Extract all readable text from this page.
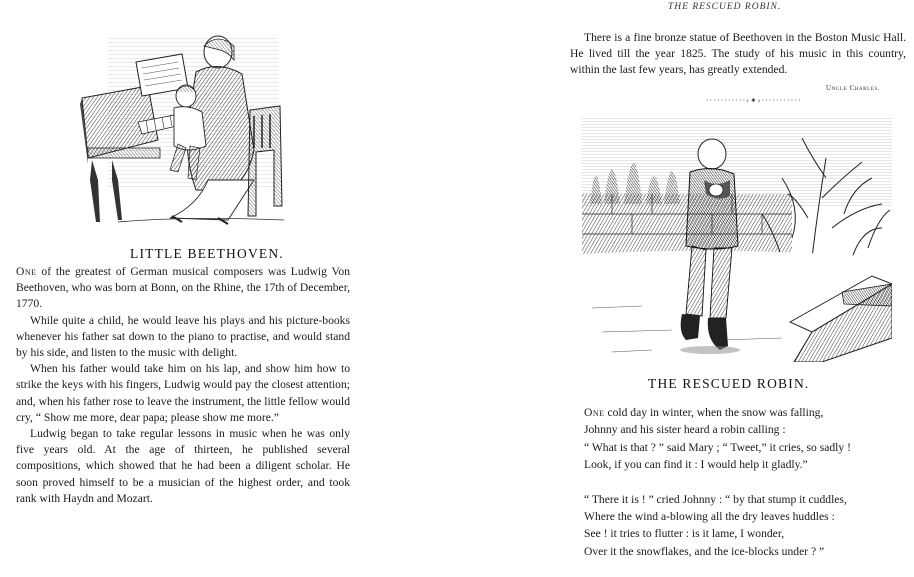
LITTLE BEETHOVEN.

One of the greatest of German musical composers was Ludwig Von Beethoven, who was born at Bonn, on the Rhine, the 17th of December, 1770.

While quite a child, he would leave his plays and his picture-books whenever his father sat down to the piano to practise, and would stand by his side, and listen to the music with delight.

When his father would take him on his lap, and show him how to strike the keys with his fingers, Ludwig would pay the closest attention; and, when his father rose to leave the instrument, the little fellow would cry, “ Show me more, dear papa; please show me more.”

Ludwig began to take regular lessons in music when he was only five years old. At the age of thirteen, he published several compositions, which showed that he had been a diligent scholar. He soon proved himself to be a musician of the highest order, and took rank with Haydn and Mozart.

THE RESCUED ROBIN.

There is a fine bronze statue of Beethoven in the Boston Music Hall. He lived till the year 1825. The study of his music in this country, within the last few years, has greatly extended.

Uncle Charles.
···········‹✦›···········
THE RESCUED ROBIN.
One cold day in winter, when the snow was falling,
Johnny and his sister heard a robin calling :
“ What is that ? ” said Mary ; “ Tweet,” it cries, so sadly !
Look, if you can find it : I would help it gladly.”
“ There it is ! ” cried Johnny : “ by that stump it cuddles,
Where the wind a-blowing all the dry leaves huddles :
See ! it tries to flutter : is it lame, I wonder,
Over it the snowflakes, and the ice-blocks under ? ”
